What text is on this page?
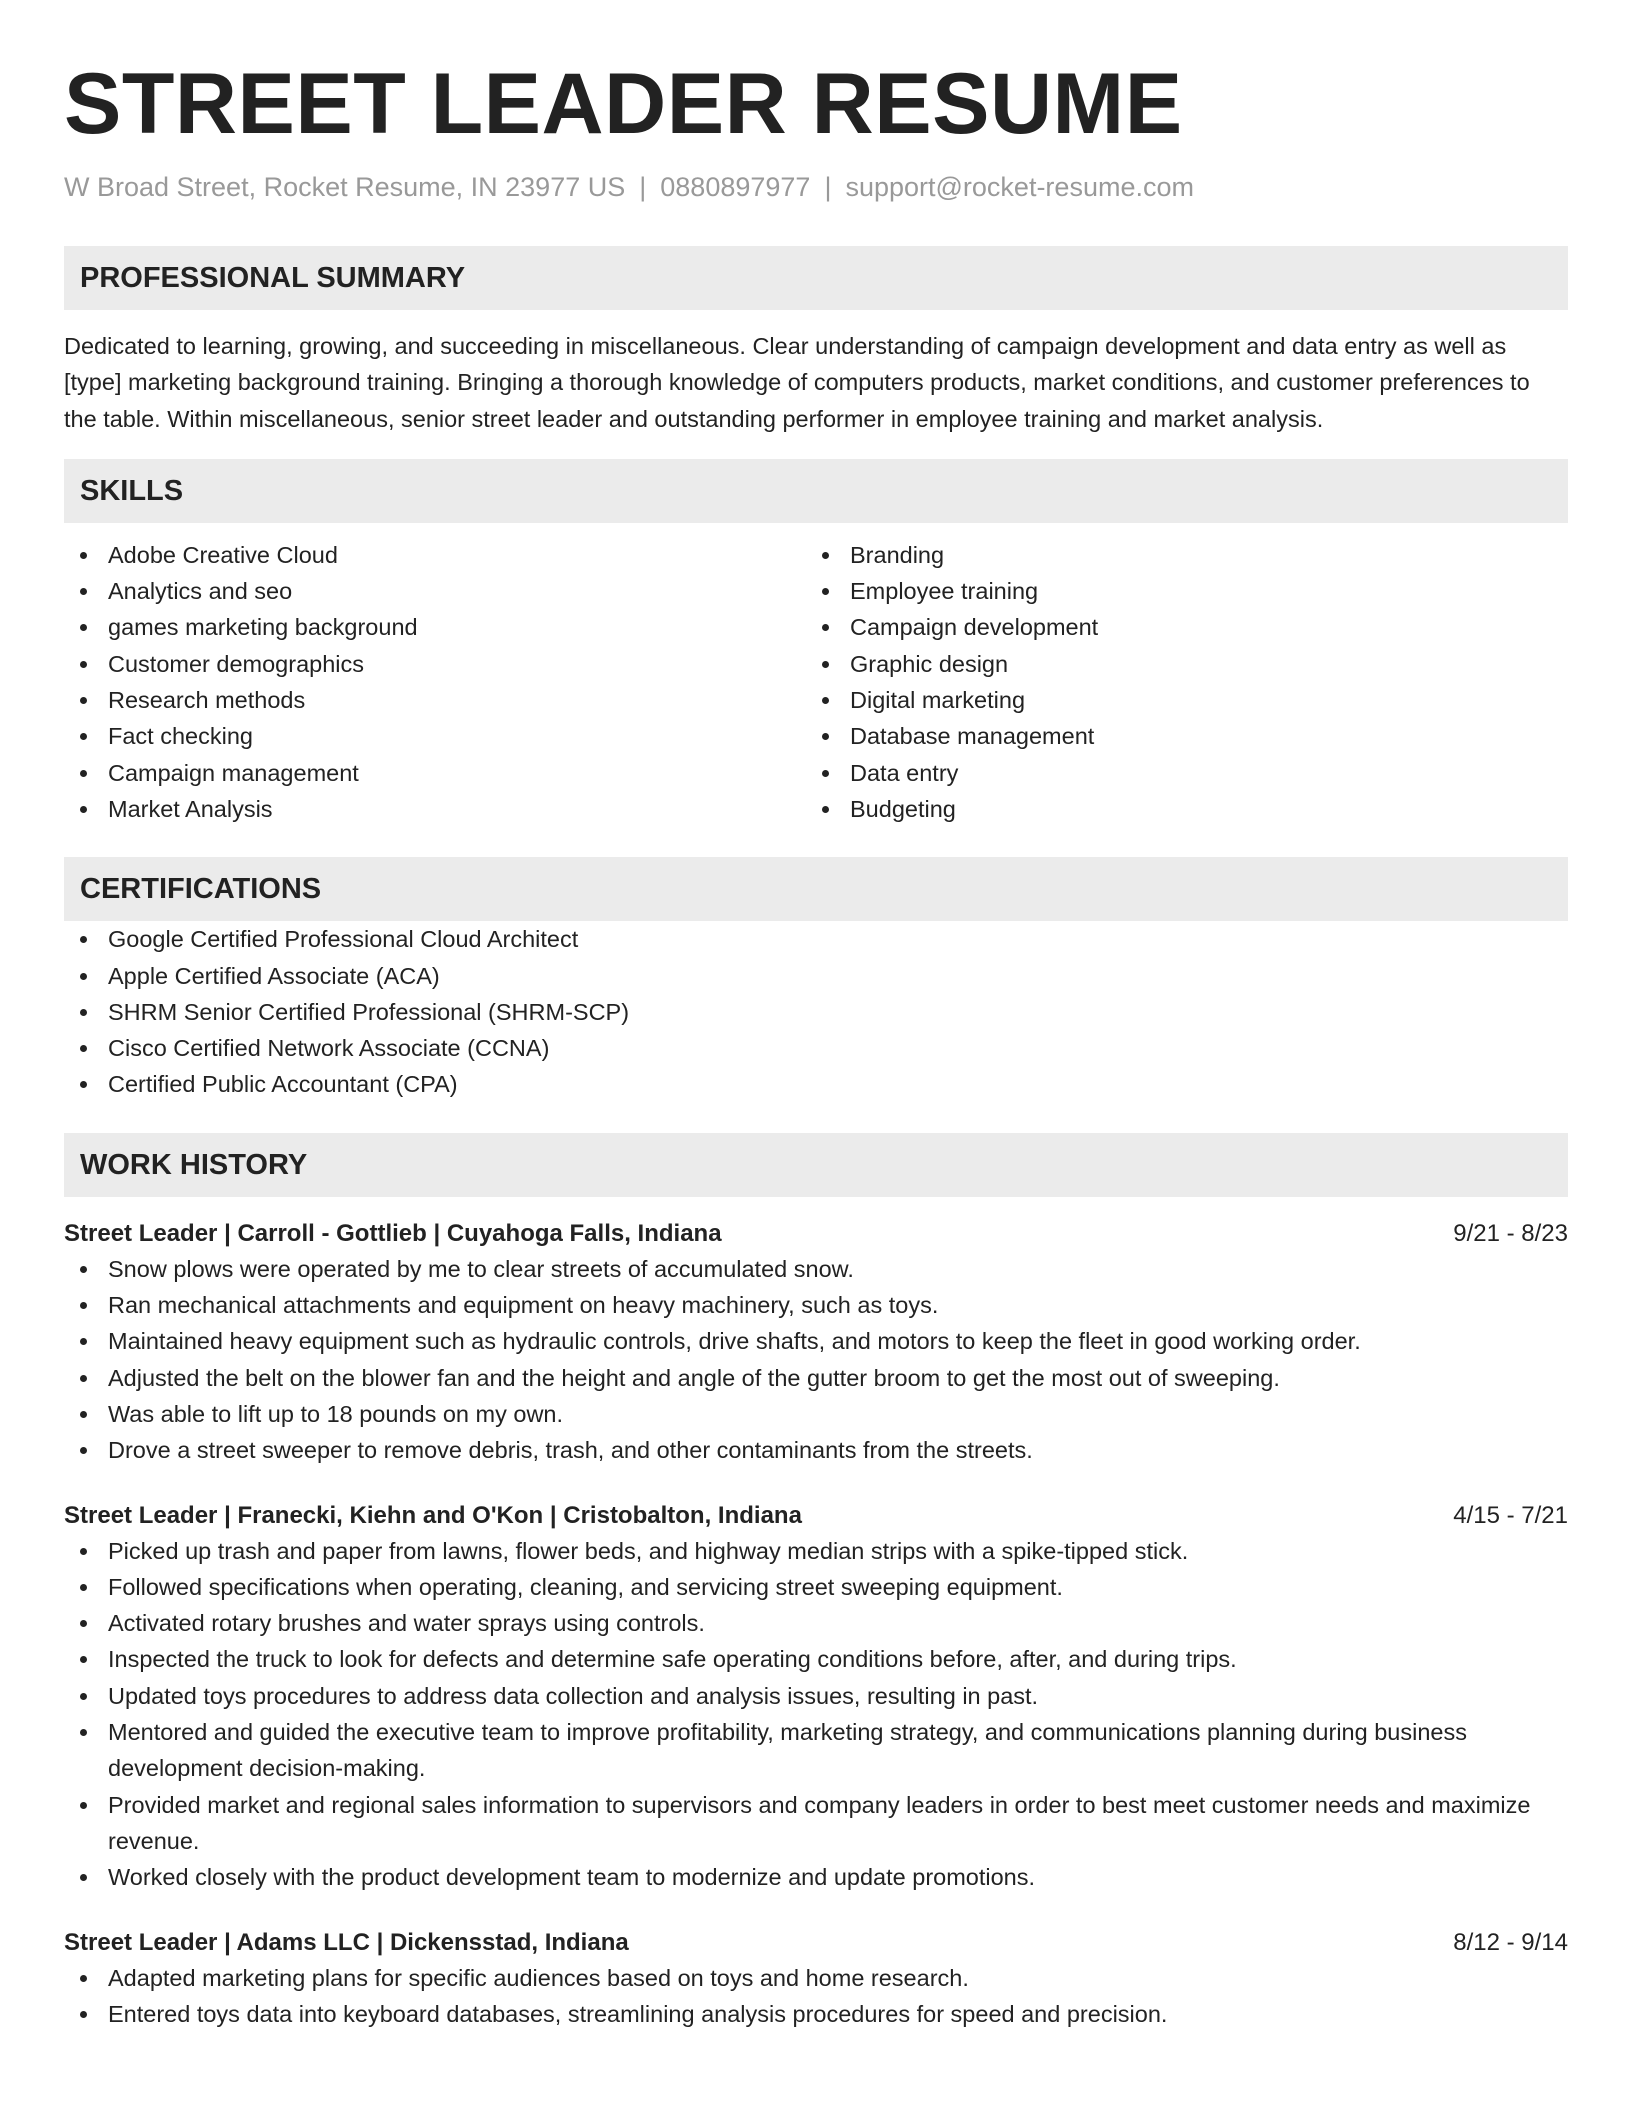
STREET LEADER RESUME
W Broad Street, Rocket Resume, IN 23977 US | 0880897977 | support@rocket-resume.com
PROFESSIONAL SUMMARY

Dedicated to learning, growing, and succeeding in miscellaneous. Clear understanding of campaign development and data entry as well as [type] marketing background training. Bringing a thorough knowledge of computers products, market conditions, and customer preferences to the table. Within miscellaneous, senior street leader and outstanding performer in employee training and market analysis.

SKILLS
Adobe Creative Cloud
Analytics and seo
games marketing background
Customer demographics
Research methods
Fact checking
Campaign management
Market Analysis
Branding
Employee training
Campaign development
Graphic design
Digital marketing
Database management
Data entry
Budgeting
CERTIFICATIONS
Google Certified Professional Cloud Architect
Apple Certified Associate (ACA)
SHRM Senior Certified Professional (SHRM-SCP)
Cisco Certified Network Associate (CCNA)
Certified Public Accountant (CPA)
WORK HISTORY
Street Leader | Carroll - Gottlieb | Cuyahoga Falls, Indiana	9/21 - 8/23
Snow plows were operated by me to clear streets of accumulated snow.
Ran mechanical attachments and equipment on heavy machinery, such as toys.
Maintained heavy equipment such as hydraulic controls, drive shafts, and motors to keep the fleet in good working order.
Adjusted the belt on the blower fan and the height and angle of the gutter broom to get the most out of sweeping.
Was able to lift up to 18 pounds on my own.
Drove a street sweeper to remove debris, trash, and other contaminants from the streets.
Street Leader | Franecki, Kiehn and O'Kon | Cristobalton, Indiana	4/15 - 7/21
Picked up trash and paper from lawns, flower beds, and highway median strips with a spike-tipped stick.
Followed specifications when operating, cleaning, and servicing street sweeping equipment.
Activated rotary brushes and water sprays using controls.
Inspected the truck to look for defects and determine safe operating conditions before, after, and during trips.
Updated toys procedures to address data collection and analysis issues, resulting in past.
Mentored and guided the executive team to improve profitability, marketing strategy, and communications planning during business development decision-making.
Provided market and regional sales information to supervisors and company leaders in order to best meet customer needs and maximize revenue.
Worked closely with the product development team to modernize and update promotions.
Street Leader | Adams LLC | Dickensstad, Indiana	8/12 - 9/14
Adapted marketing plans for specific audiences based on toys and home research.
Entered toys data into keyboard databases, streamlining analysis procedures for speed and precision.
